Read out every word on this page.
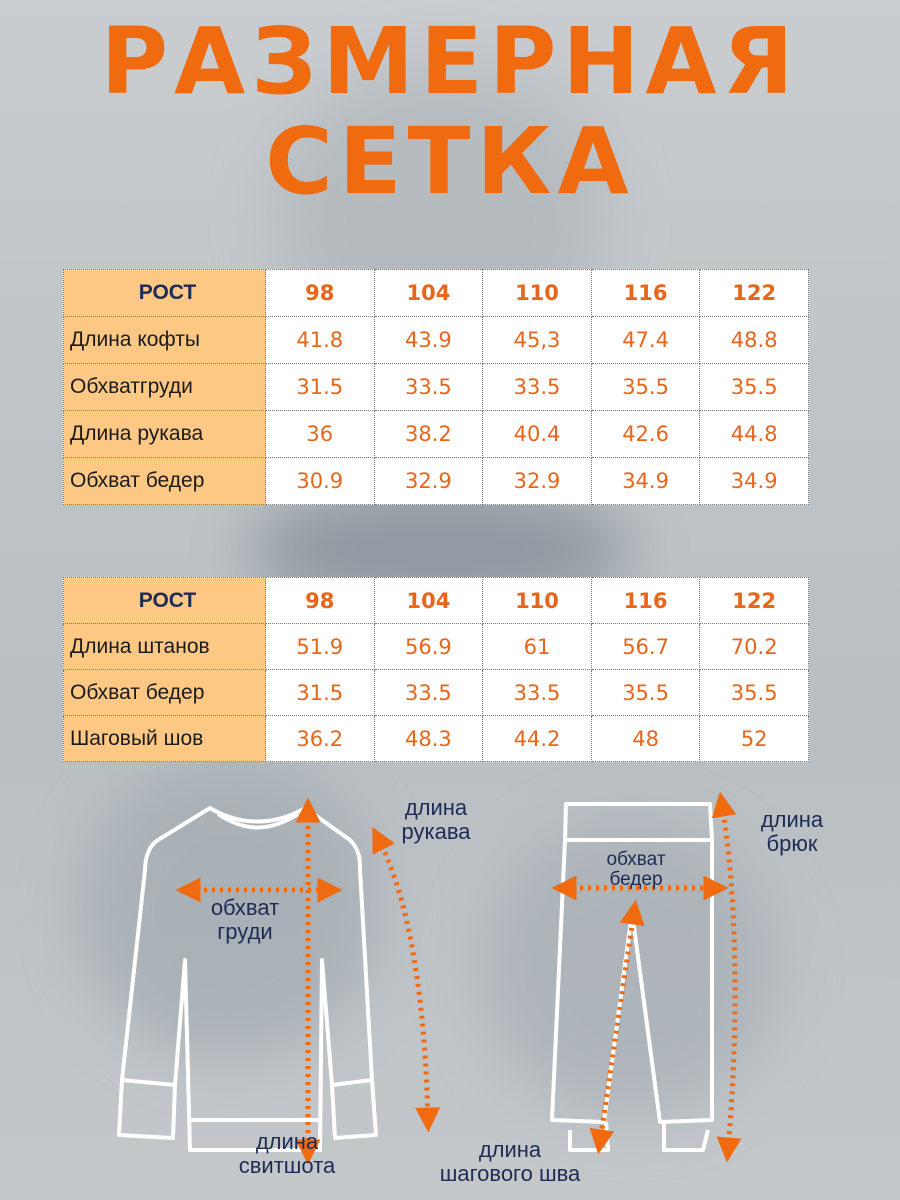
РАЗМЕРНАЯ
СЕТКА
РОСТ	98	104	110	116	122
Длина кофты	41.8	43.9	45,3	47.4	48.8
Обхватгруди	31.5	33.5	33.5	35.5	35.5
Длина рукава	36	38.2	40.4	42.6	44.8
Обхват бедер	30.9	32.9	32.9	34.9	34.9
РОСТ	98	104	110	116	122
Длина штанов	51.9	56.9	61	56.7	70.2
Обхват бедер	31.5	33.5	33.5	35.5	35.5
Шаговый шов	36.2	48.3	44.2	48	52
длина
рукава
обхват
груди
длина
свитшота
длина
брюк
обхват
бедер
длина
шагового шва
